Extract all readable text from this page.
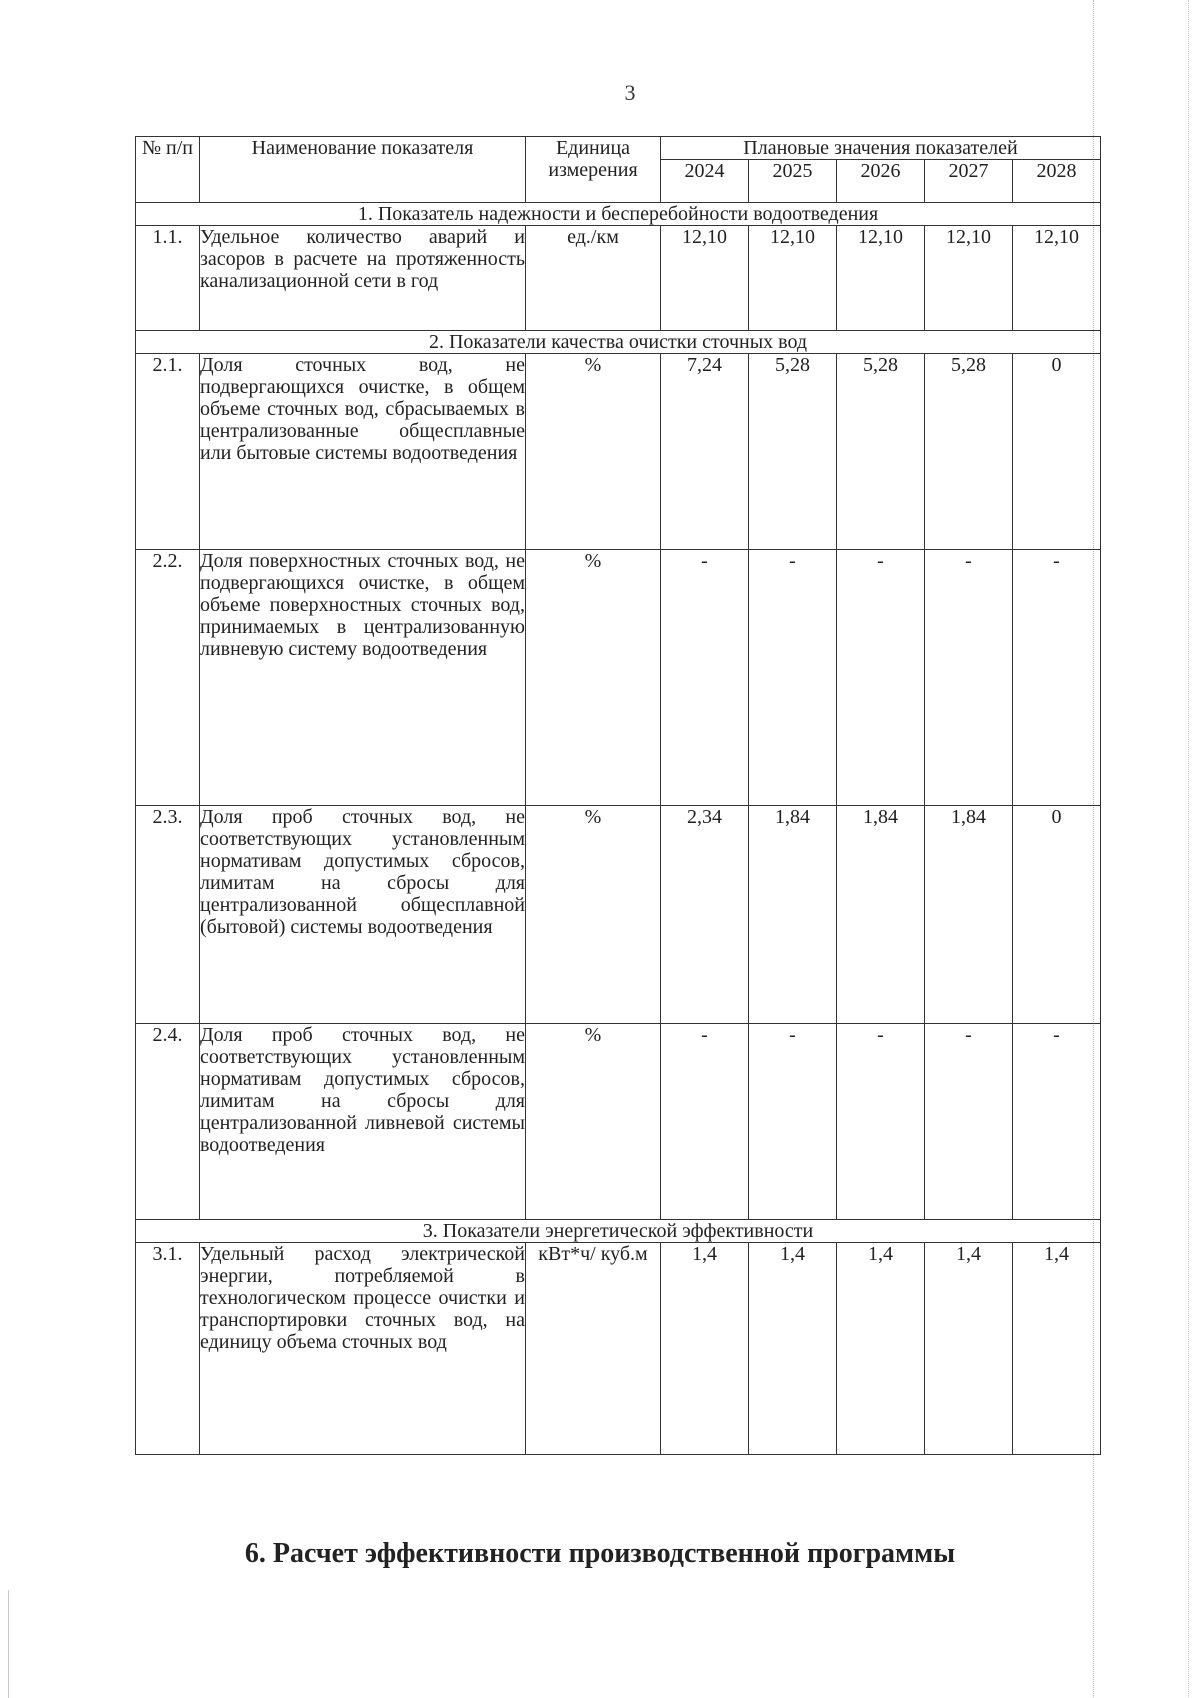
3
№ п/п	Наименование показателя	Единица измерения	Плановые значения показателей				
			2024	2025	2026	2027	2028
1. Показатель надежности и бесперебойности водоотведения							
1.1.	Удельное количество аварий и засоров в расчете на протяженность канализационной сети в год	ед./км	12,10	12,10	12,10	12,10	12,10
2. Показатели качества очистки сточных вод							
2.1.	Доля сточных вод, не подвергающихся очистке, в общем объеме сточных вод, сбрасываемых в централизованные общесплавные или бытовые системы водоотведения	%	7,24	5,28	5,28	5,28	0
2.2.	Доля поверхностных сточных вод, не подвергающихся очистке, в общем объеме поверхностных сточных вод, принимаемых в централизованную ливневую систему водоотведения	%	-	-	-	-	-
2.3.	Доля проб сточных вод, не соответствующих установленным нормативам допустимых сбросов, лимитам на сбросы для централизованной общесплавной (бытовой) системы водоотведения	%	2,34	1,84	1,84	1,84	0
2.4.	Доля проб сточных вод, не соответствующих установленным нормативам допустимых сбросов, лимитам на сбросы для централизованной ливневой системы водоотведения	%	-	-	-	-	-
3. Показатели энергетической эффективности							
3.1.	Удельный расход электрической энергии, потребляемой в технологическом процессе очистки и транспортировки сточных вод, на единицу объема сточных вод	кВт*ч/ куб.м	1,4	1,4	1,4	1,4	1,4
6. Расчет эффективности производственной программы
